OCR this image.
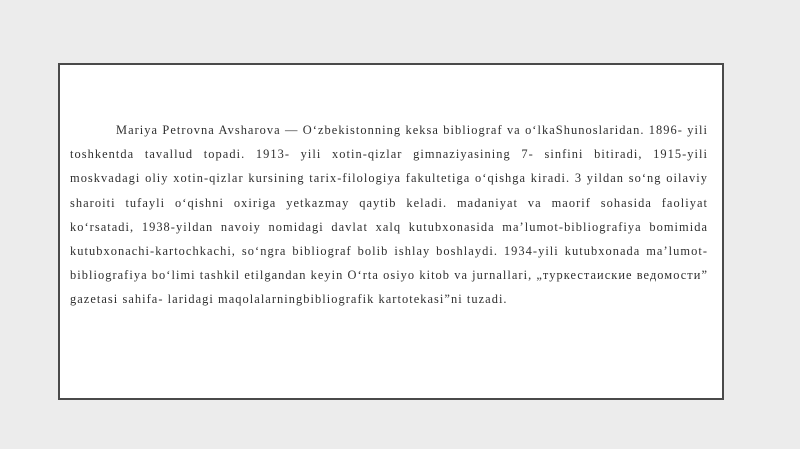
Mariya Petrovna Avsharova — O‘zbekistonning keksa bibliograf va o‘lkaShunoslaridan. 1896- yili toshkentda tavallud topadi. 1913- yili xotin-qizlar gimnaziyasining 7- sinfini bitiradi, 1915-yili moskvadagi oliy xotin-qizlar kursining tarix-filologiya fakultetiga o‘qishga kiradi. 3 yildan so‘ng oilaviy sharoiti tufayli o‘qishni oxiriga yetkazmay qaytib keladi. madaniyat va maorif sohasida faoliyat ko‘rsatadi, 1938-yildan navoiy nomidagi davlat xalq kutubxonasida ma’lumot-bibliografiya bomimida kutubxonachi-kartochkachi, so‘ngra bibliograf bolib ishlay boshlaydi. 1934-yili kutubxonada ma’lumot-bibliografiya bo‘limi tashkil etilgandan keyin O‘rta osiyo kitob va jurnallari, „туркестаиские ведомости” gazetasi sahifa- laridagi maqolalarningbibliografik kartotekasi”ni tuzadi.
